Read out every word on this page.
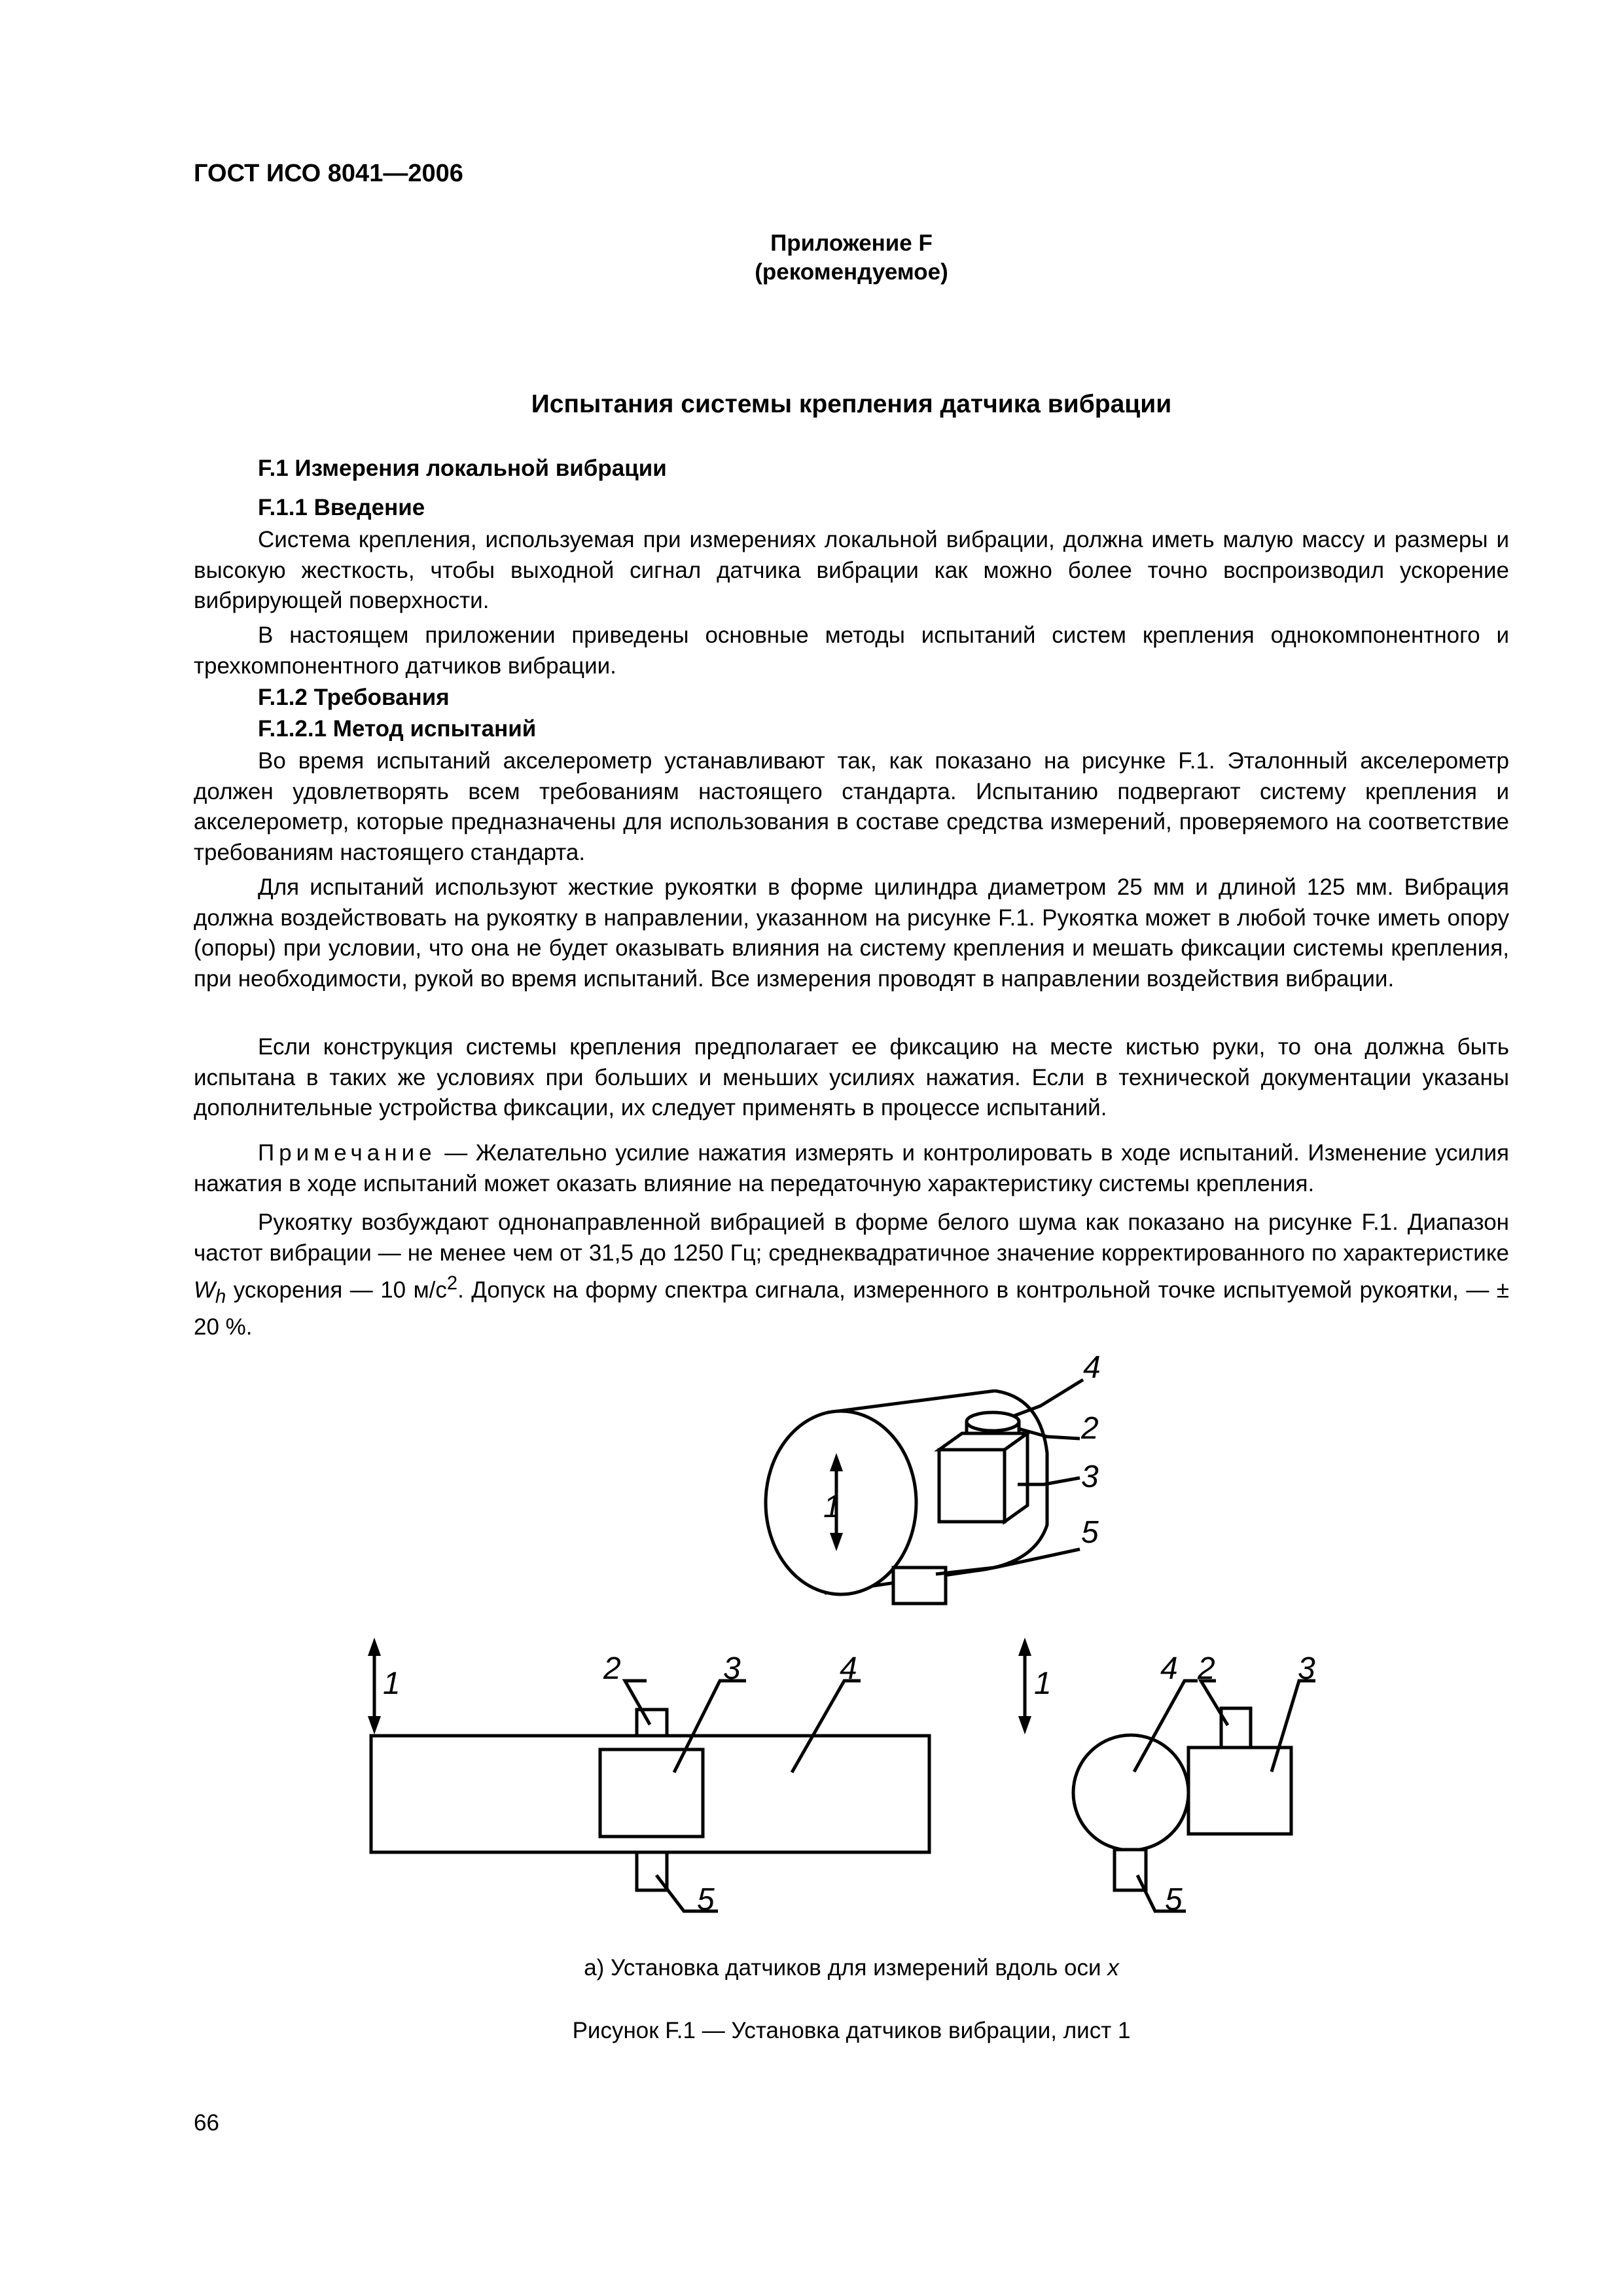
ГОСТ ИСО 8041—2006
Приложение F
(рекомендуемое)
Испытания системы крепления датчика вибрации
F.1 Измерения локальной вибрации
F.1.1 Введение

Система крепления, используемая при измерениях локальной вибрации, должна иметь малую массу и размеры и высокую жесткость, чтобы выходной сигнал датчика вибрации как можно более точно воспроизводил ускорение вибрирующей поверхности.

В настоящем приложении приведены основные методы испытаний систем крепления однокомпонентного и трехкомпонентного датчиков вибрации.

F.1.2 Требования
F.1.2.1 Метод испытаний

Во время испытаний акселерометр устанавливают так, как показано на рисунке F.1. Эталонный акселерометр должен удовлетворять всем требованиям настоящего стандарта. Испытанию подвергают систему крепления и акселерометр, которые предназначены для использования в составе средства измерений, проверяемого на соответствие требованиям настоящего стандарта.

Для испытаний используют жесткие рукоятки в форме цилиндра диаметром 25 мм и длиной 125 мм. Вибрация должна воздействовать на рукоятку в направлении, указанном на рисунке F.1. Рукоятка может в любой точке иметь опору (опоры) при условии, что она не будет оказывать влияния на систему крепления и мешать фиксации системы крепления, при необходимости, рукой во время испытаний. Все измерения проводят в направлении воздействия вибрации.

Если конструкция системы крепления предполагает ее фиксацию на месте кистью руки, то она должна быть испытана в таких же условиях при больших и меньших усилиях нажатия. Если в технической документации указаны дополнительные устройства фиксации, их следует применять в процессе испытаний.

Примечание — Желательно усилие нажатия измерять и контролировать в ходе испытаний. Изменение усилия нажатия в ходе испытаний может оказать влияние на передаточную характеристику системы крепления.

Рукоятку возбуждают однонаправленной вибрацией в форме белого шума как показано на рисунке F.1. Диапазон частот вибрации — не менее чем от 31,5 до 1250 Гц; среднеквадратичное значение корректированного по характеристике $W_h$ ускорения — 10 $м/с^2$. Допуск на форму спектра сигнала, измеренного в контрольной точке испытуемой рукоятки, — ± 20 %.

1
4
2
3
5
1	2	3	4
5
1	4 2	3
5
а) Установка датчиков для измерений вдоль оси x
Рисунок F.1 — Установка датчиков вибрации, лист 1
66
